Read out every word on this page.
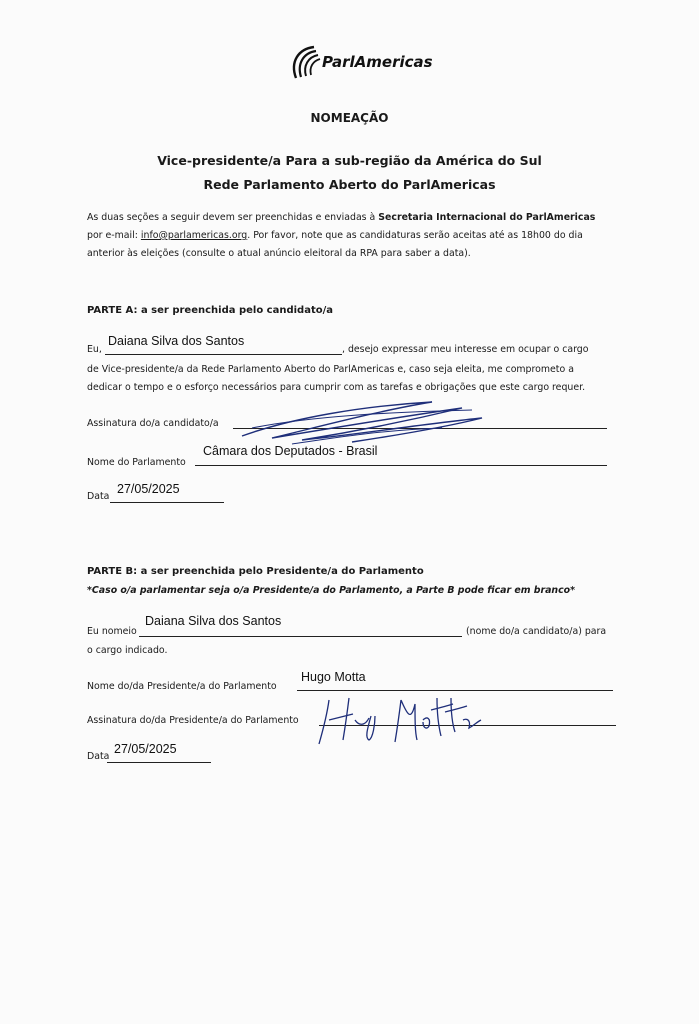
ParlAmericas
NOMEAÇÃO
Vice-presidente/a Para a sub-região da América do Sul
Rede Parlamento Aberto do ParlAmericas
As duas seções a seguir devem ser preenchidas e enviadas à Secretaria Internacional do ParlAmericas
por e-mail: info@parlamericas.org. Por favor, note que as candidaturas serão aceitas até as 18h00 do dia
anterior às eleições (consulte o atual anúncio eleitoral da RPA para saber a data).
PARTE A: a ser preenchida pelo candidato/a
Eu,
Daiana Silva dos Santos
, desejo expressar meu interesse em ocupar o cargo
de Vice-presidente/a da Rede Parlamento Aberto do ParlAmericas e, caso seja eleita, me comprometo a
dedicar o tempo e o esforço necessários para cumprir com as tarefas e obrigações que este cargo requer.
Assinatura do/a candidato/a
Nome do Parlamento
Câmara dos Deputados - Brasil
Data
27/05/2025
PARTE B: a ser preenchida pelo Presidente/a do Parlamento
*Caso o/a parlamentar seja o/a Presidente/a do Parlamento, a Parte B pode ficar em branco*
Eu nomeio
Daiana Silva dos Santos
(nome do/a candidato/a) para
o cargo indicado.
Nome do/da Presidente/a do Parlamento
Hugo Motta
Assinatura do/da Presidente/a do Parlamento
Data
27/05/2025
